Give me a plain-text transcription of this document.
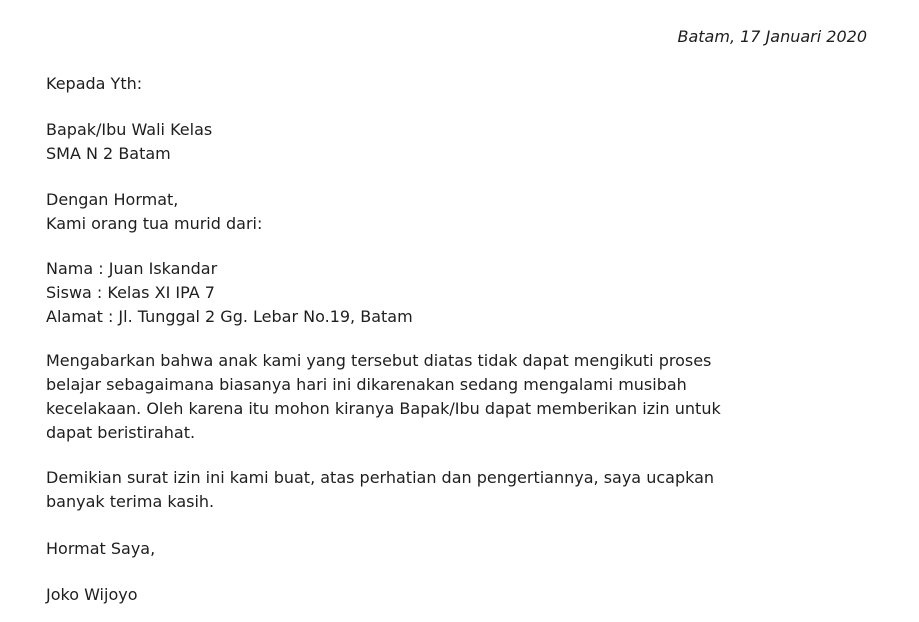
Batam, 17 Januari 2020
Kepada Yth:
Bapak/Ibu Wali Kelas
SMA N 2 Batam
Dengan Hormat,
Kami orang tua murid dari:
Nama : Juan Iskandar
Siswa : Kelas XI IPA 7
Alamat : Jl. Tunggal 2 Gg. Lebar No.19, Batam
Mengabarkan bahwa anak kami yang tersebut diatas tidak dapat mengikuti proses
belajar sebagaimana biasanya hari ini dikarenakan sedang mengalami musibah
kecelakaan. Oleh karena itu mohon kiranya Bapak/Ibu dapat memberikan izin untuk
dapat beristirahat.
Demikian surat izin ini kami buat, atas perhatian dan pengertiannya, saya ucapkan
banyak terima kasih.
Hormat Saya,
Joko Wijoyo
